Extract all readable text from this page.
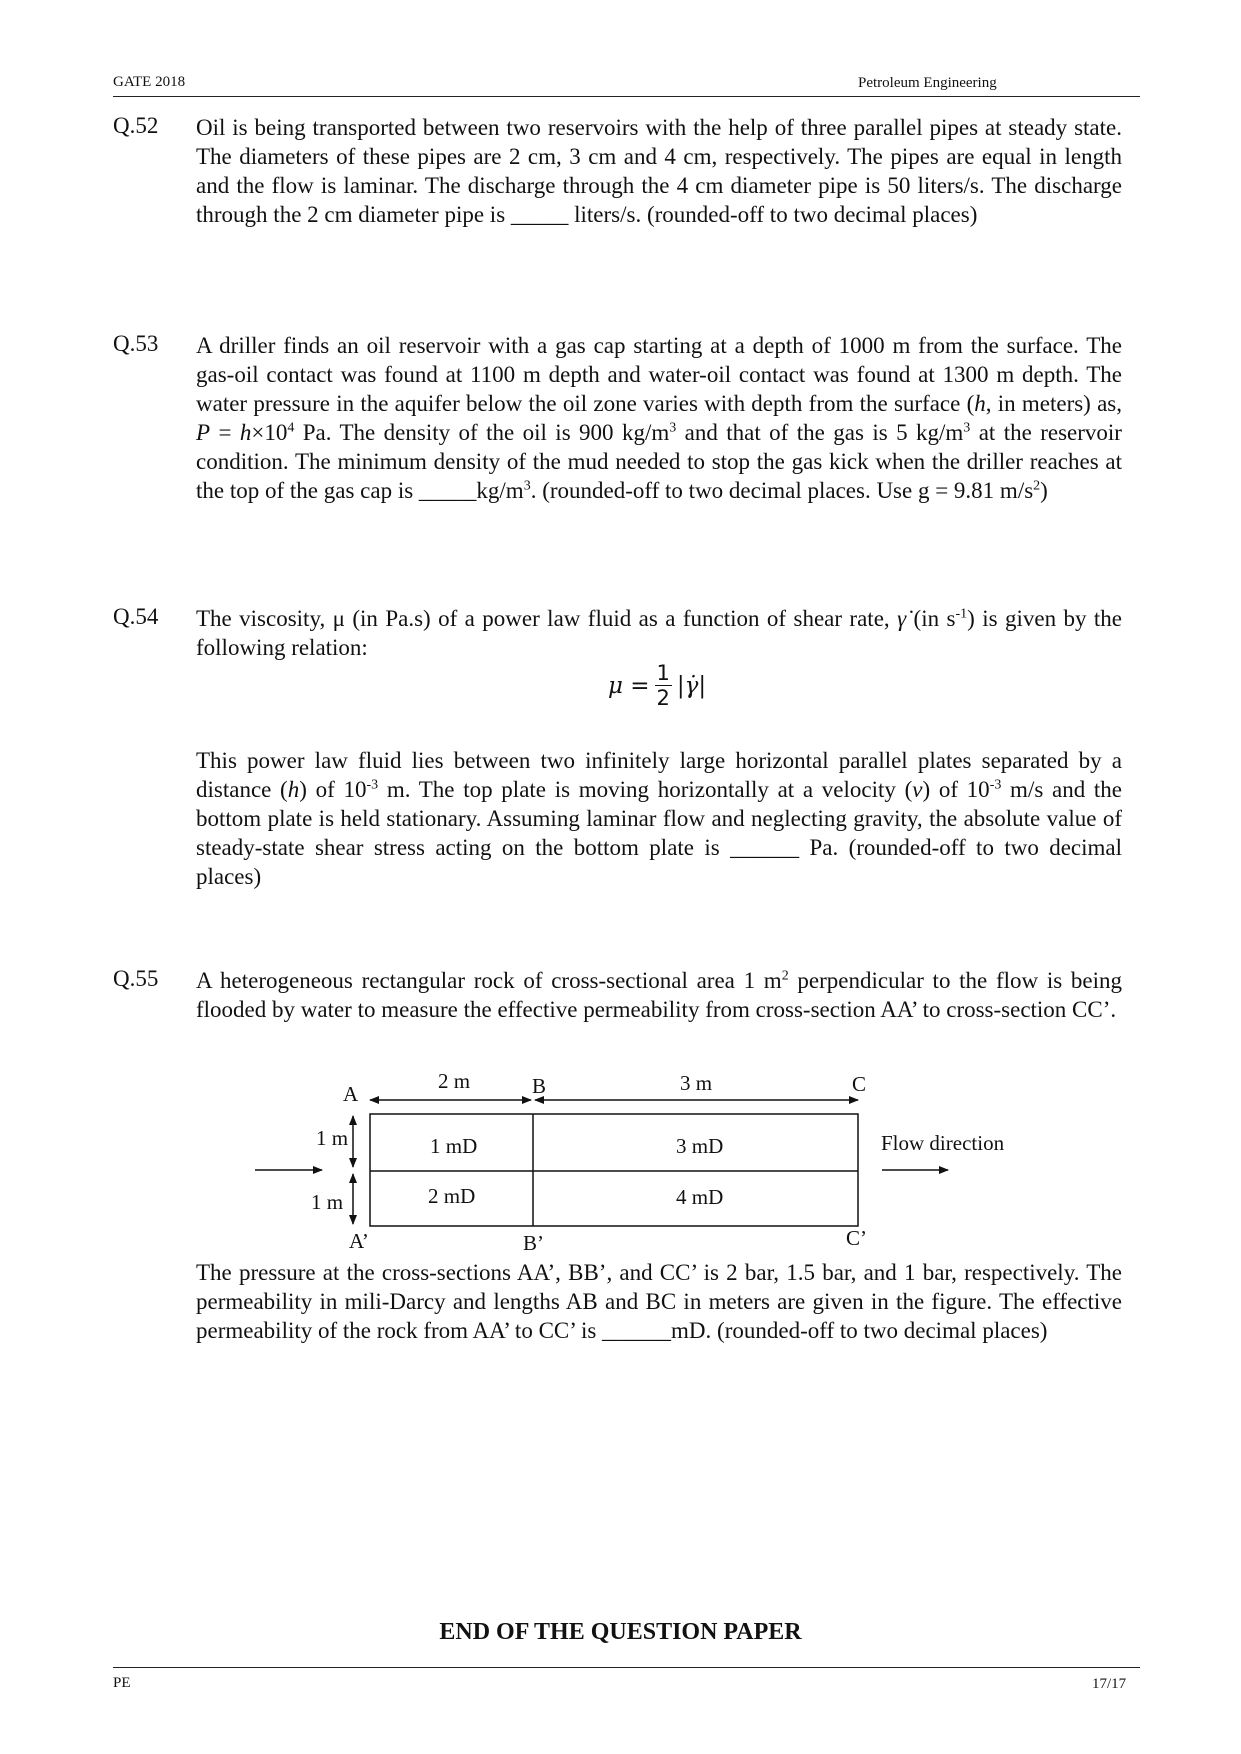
GATE 2018	Petroleum Engineering
Q.52 Oil is being transported between two reservoirs with the help of three parallel pipes at steady state. The diameters of these pipes are 2 cm, 3 cm and 4 cm, respectively. The pipes are equal in length and the flow is laminar. The discharge through the 4 cm diameter pipe is 50 liters/s. The discharge through the 2 cm diameter pipe is _____ liters/s. (rounded-off to two decimal places)

Q.53 A driller finds an oil reservoir with a gas cap starting at a depth of 1000 m from the surface. The gas-oil contact was found at 1100 m depth and water-oil contact was found at 1300 m depth. The water pressure in the aquifer below the oil zone varies with depth from the surface (h, in meters) as, $P = h\times 10^4$ Pa. The density of the oil is 900 $kg/m^3$ and that of the gas is 5 $kg/m^3$ at the reservoir condition. The minimum density of the mud needed to stop the gas kick when the driller reaches at the top of the gas cap is $\_\_\_\_\_kg/m^3$. (rounded-off to two decimal places. Use g = 9.81 $m/s^2$)

Q.54 The viscosity, μ (in Pa.s) of a power law fluid as a function of shear rate, γ̇ (in $s^{-1}$) is given by the following relation:

$\mu = \frac{1}{2}$ |γ̇|

This power law fluid lies between two infinitely large horizontal parallel plates separated by a distance (h) of $10^{-3}$ m. The top plate is moving horizontally at a velocity (v) of $10^{-3}$ m/s and the bottom plate is held stationary. Assuming laminar flow and neglecting gravity, the absolute value of steady-state shear stress acting on the bottom plate is ______ Pa. (rounded-off to two decimal places)

Q.55 A heterogeneous rectangular rock of cross-sectional area 1 $m^2$ perpendicular to the flow is being flooded by water to measure the effective permeability from cross-section AA’ to cross-section CC’.

A	B	C
A’	B’	C’
2 m	3 m
1 m
1 m
1 mD	3 mD
2 mD	4 mD
Flow direction

The pressure at the cross-sections AA’, BB’, and CC’ is 2 bar, 1.5 bar, and 1 bar, respectively. The permeability in mili-Darcy and lengths AB and BC in meters are given in the figure. The effective permeability of the rock from AA’ to CC’ is ______mD. (rounded-off to two decimal places)

END OF THE QUESTION PAPER
PE	17/17
